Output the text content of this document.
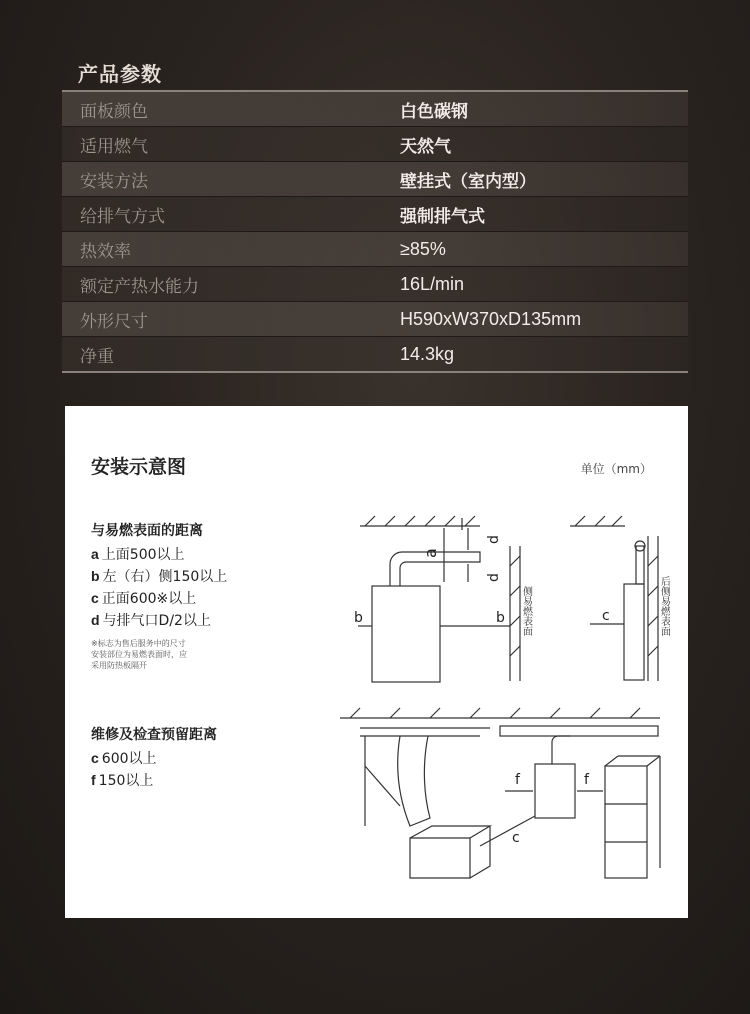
产品参数
面板颜色	白色碳钢
适用燃气	天然气
安装方法	壁挂式（室内型）
给排气方式	强制排气式
热效率	≥85%
额定产热水能力	16L/min
外形尺寸	H590xW370xD135mm
净重	14.3kg
安装示意图	单位（mm）
与易燃表面的距离
a 上面500以上
b 左（右）侧150以上
c 正面600※以上
d 与排气口D/2以上
※标志为售后服务中的尺寸
安装部位为易燃表面时，应
采用防热板隔开
维修及检查预留距离
c 600以上
f 150以上
a
d
d
b	b 侧易燃表面	c	后侧易燃表面
f	f
c
